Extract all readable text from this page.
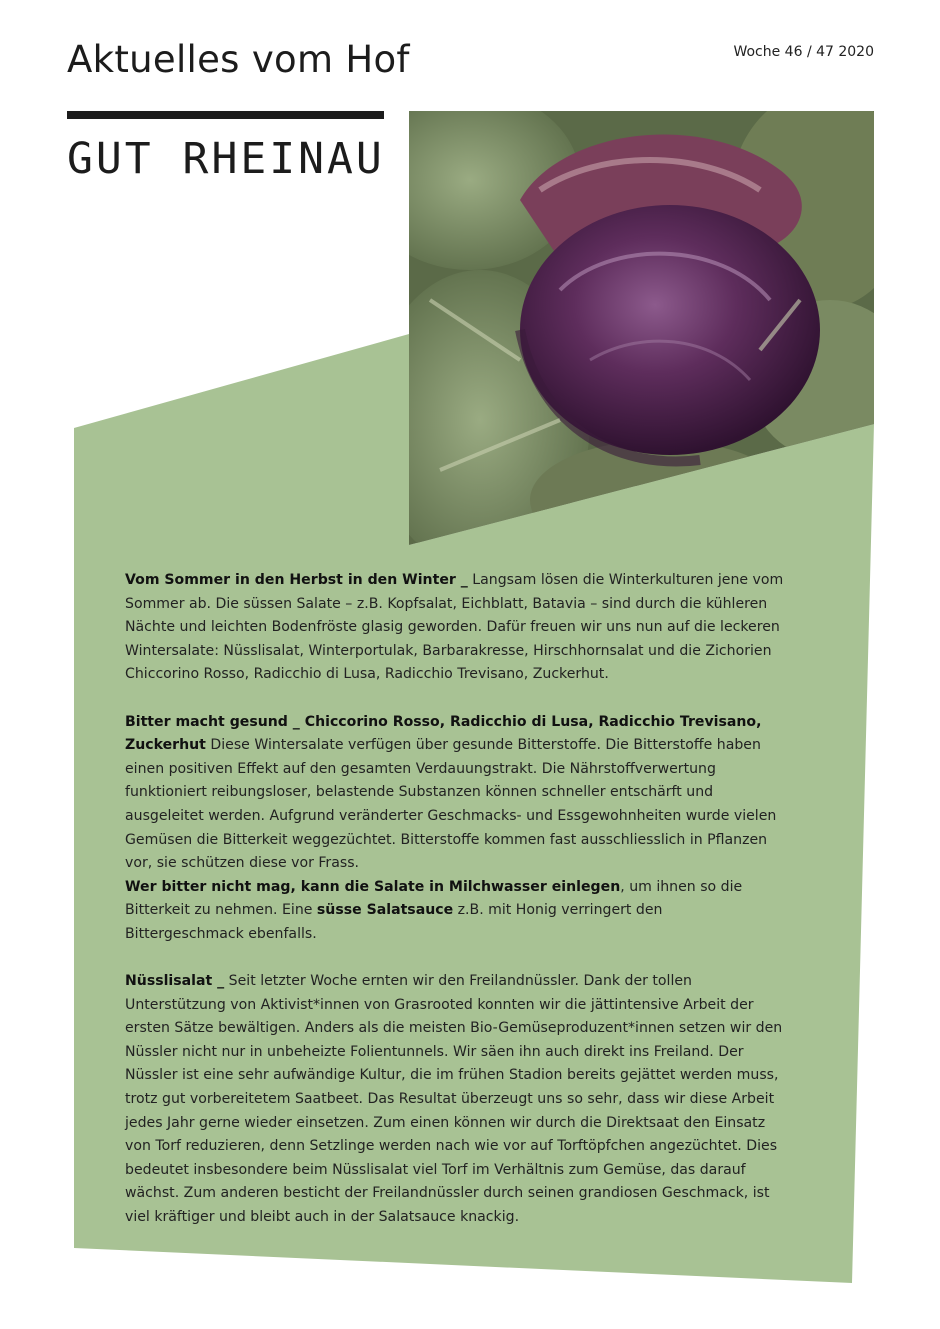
Aktuelles vom Hof	Woche 46 / 47 2020
GUT RHEINAU

Vom Sommer in den Herbst in den Winter _ Langsam lösen die Winterkulturen jene vom Sommer ab. Die süssen Salate – z.B. Kopfsalat, Eichblatt, Batavia – sind durch die kühleren Nächte und leichten Bodenfröste glasig geworden. Dafür freuen wir uns nun auf die leckeren Wintersalate: Nüsslisalat, Winterportulak, Barbarakresse, Hirschhornsalat und die Zichorien Chiccorino Rosso, Radicchio di Lusa, Radicchio Trevisano, Zuckerhut.

Bitter macht gesund _ Chiccorino Rosso, Radicchio di Lusa, Radicchio Trevisano, Zuckerhut Diese Wintersalate verfügen über gesunde Bitterstoffe. Die Bitterstoffe haben einen positiven Effekt auf den gesamten Verdauungstrakt. Die Nährstoffverwertung funktioniert reibungsloser, belastende Substanzen können schneller entschärft und ausgeleitet werden. Aufgrund veränderter Geschmacks- und Essgewohnheiten wurde vielen Gemüsen die Bitterkeit weggezüchtet. Bitterstoffe kommen fast ausschliesslich in Pflanzen vor, sie schützen diese vor Frass.

Wer bitter nicht mag, kann die Salate in Milchwasser einlegen, um ihnen so die Bitterkeit zu nehmen. Eine süsse Salatsauce z.B. mit Honig verringert den Bittergeschmack ebenfalls.

Nüsslisalat _ Seit letzter Woche ernten wir den Freilandnüssler. Dank der tollen Unterstützung von Aktivist*innen von Grasrooted konnten wir die jättintensive Arbeit der ersten Sätze bewältigen. Anders als die meisten Bio-Gemüseproduzent*innen setzen wir den Nüssler nicht nur in unbeheizte Folientunnels. Wir säen ihn auch direkt ins Freiland. Der Nüssler ist eine sehr aufwändige Kultur, die im frühen Stadion bereits gejättet werden muss, trotz gut vorbereitetem Saatbeet. Das Resultat überzeugt uns so sehr, dass wir diese Arbeit jedes Jahr gerne wieder einsetzen. Zum einen können wir durch die Direktsaat den Einsatz von Torf reduzieren, denn Setzlinge werden nach wie vor auf Torftöpfchen angezüchtet. Dies bedeutet insbesondere beim Nüsslisalat viel Torf im Verhältnis zum Gemüse, das darauf wächst. Zum anderen besticht der Freilandnüssler durch seinen grandiosen Geschmack, ist viel kräftiger und bleibt auch in der Salatsauce knackig.
